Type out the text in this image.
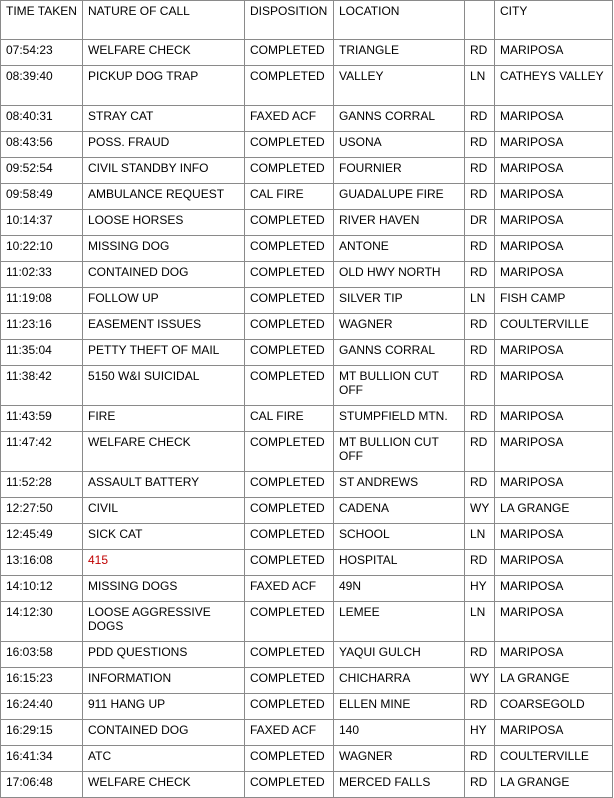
TIME TAKEN	NATURE OF CALL	DISPOSITION	LOCATION		CITY
07:54:23	WELFARE CHECK	COMPLETED	TRIANGLE	RD	MARIPOSA
08:39:40	PICKUP DOG TRAP	COMPLETED	VALLEY	LN	CATHEYS VALLEY
08:40:31	STRAY CAT	FAXED ACF	GANNS CORRAL	RD	MARIPOSA
08:43:56	POSS. FRAUD	COMPLETED	USONA	RD	MARIPOSA
09:52:54	CIVIL STANDBY INFO	COMPLETED	FOURNIER	RD	MARIPOSA
09:58:49	AMBULANCE REQUEST	CAL FIRE	GUADALUPE FIRE	RD	MARIPOSA
10:14:37	LOOSE HORSES	COMPLETED	RIVER HAVEN	DR	MARIPOSA
10:22:10	MISSING DOG	COMPLETED	ANTONE	RD	MARIPOSA
11:02:33	CONTAINED DOG	COMPLETED	OLD HWY NORTH	RD	MARIPOSA
11:19:08	FOLLOW UP	COMPLETED	SILVER TIP	LN	FISH CAMP
11:23:16	EASEMENT ISSUES	COMPLETED	WAGNER	RD	COULTERVILLE
11:35:04	PETTY THEFT OF MAIL	COMPLETED	GANNS CORRAL	RD	MARIPOSA
11:38:42	5150 W&I SUICIDAL	COMPLETED	MT BULLION CUT OFF	RD	MARIPOSA
11:43:59	FIRE	CAL FIRE	STUMPFIELD MTN.	RD	MARIPOSA
11:47:42	WELFARE CHECK	COMPLETED	MT BULLION CUT OFF	RD	MARIPOSA
11:52:28	ASSAULT BATTERY	COMPLETED	ST ANDREWS	RD	MARIPOSA
12:27:50	CIVIL	COMPLETED	CADENA	WY	LA GRANGE
12:45:49	SICK CAT	COMPLETED	SCHOOL	LN	MARIPOSA
13:16:08	415	COMPLETED	HOSPITAL	RD	MARIPOSA
14:10:12	MISSING DOGS	FAXED ACF	49N	HY	MARIPOSA
14:12:30	LOOSE AGGRESSIVE DOGS	COMPLETED	LEMEE	LN	MARIPOSA
16:03:58	PDD QUESTIONS	COMPLETED	YAQUI GULCH	RD	MARIPOSA
16:15:23	INFORMATION	COMPLETED	CHICHARRA	WY	LA GRANGE
16:24:40	911 HANG UP	COMPLETED	ELLEN MINE	RD	COARSEGOLD
16:29:15	CONTAINED DOG	FAXED ACF	140	HY	MARIPOSA
16:41:34	ATC	COMPLETED	WAGNER	RD	COULTERVILLE
17:06:48	WELFARE CHECK	COMPLETED	MERCED FALLS	RD	LA GRANGE
